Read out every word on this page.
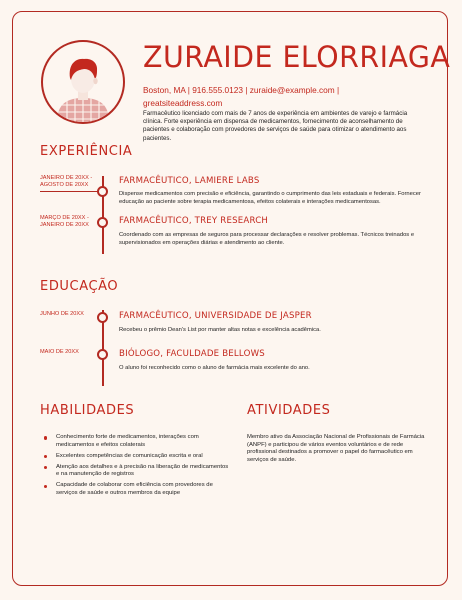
ZURAIDE ELORRIAGA
Boston, MA | 916.555.0123 | zuraide@example.com |
greatsiteaddress.com
Farmacêutico licenciado com mais de 7 anos de experiência em ambientes de varejo e farmácia clínica. Forte experiência em dispensa de medicamentos, fornecimento de aconselhamento de pacientes e colaboração com provedores de serviços de saúde para otimizar o atendimento aos pacientes.
EXPERIÊNCIA
JANEIRO DE 20XX -
AGOSTO DE 20XX	FARMACÊUTICO, LAMIERE LABS
Dispense medicamentos com precisão e eficiência, garantindo o cumprimento das leis estaduais e federais. Fornecer educação ao paciente sobre terapia medicamentosa, efeitos colaterais e interações medicamentosas.
MARÇO DE 20XX -
JANEIRO DE 20XX	FARMACÊUTICO, TREY RESEARCH
Coordenado com as empresas de seguros para processar declarações e resolver problemas. Técnicos treinados e supervisionados em operações diárias e atendimento ao cliente.
EDUCAÇÃO
JUNHO DE 20XX	FARMACÊUTICO, UNIVERSIDADE DE JASPER
Recebeu o prêmio Dean's List por manter altas notas e excelência acadêmica.
MAIO DE 20XX	BIÓLOGO, FACULDADE BELLOWS
O aluno foi reconhecido como o aluno de farmácia mais excelente do ano.
HABILIDADES
Conhecimento forte de medicamentos, interações com medicamentos e efeitos colaterais
Excelentes competências de comunicação escrita e oral
Atenção aos detalhes e à precisão na liberação de medicamentos e na manutenção de registros
Capacidade de colaborar com eficiência com provedores de serviços de saúde e outros membros da equipe
ATIVIDADES
Membro ativo da Associação Nacional de Profissionais de Farmácia (ANPF) e participou de vários eventos voluntários e de rede profissional destinados a promover o papel do farmacêutico em serviços de saúde.
